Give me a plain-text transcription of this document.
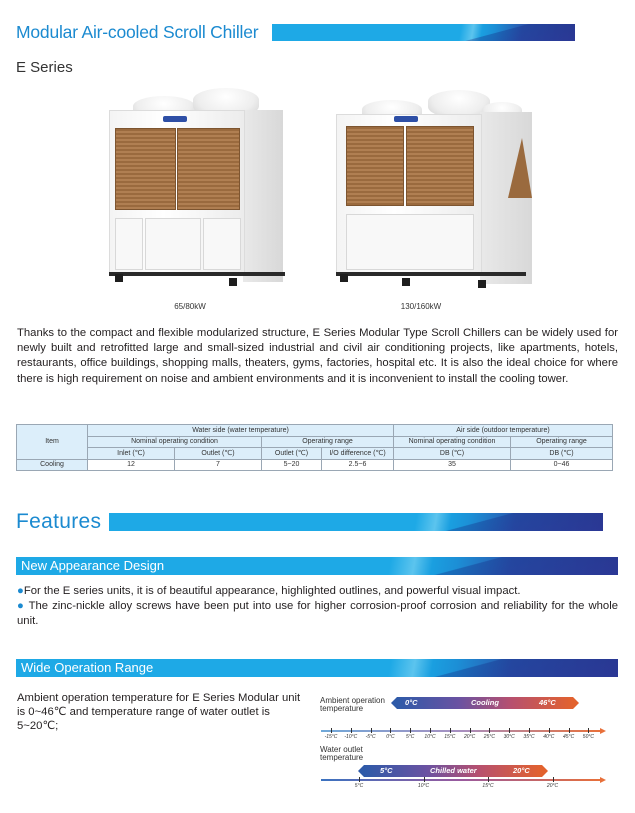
Modular Air-cooled Scroll Chiller
E Series
65/80kW	130/160kW

Thanks to the compact and flexible modularized structure, E Series Modular Type Scroll Chillers can be widely used for newly built and retrofitted large and small-sized industrial and civil air conditioning projects, like apartments, hotels, restaurants, office buildings, shopping malls, theaters, gyms, factories, hospital etc. It is also the ideal choice for where there is high requirement on noise and ambient environments and it is inconvenient to install the cooling tower.

Item	Water side (water temperature)				Air side (outdoor temperature)	
	Nominal operating condition		Operating range		Nominal operating condition	Operating range
	Inlet (℃)	Outlet (℃)	Outlet (℃)	I/O difference (℃)	DB (℃)	DB (℃)
Cooling	12	7	5~20	2.5~6	35	0~46
Features
New Appearance Design
●For the E series units, it is of beautiful appearance, highlighted outlines, and powerful visual impact.
● The zinc-nickle alloy screws have been put into use for higher corrosion-proof corrosion and reliability for the whole unit.
Wide Operation Range

Ambient operation temperature for E Series Modular unit is 0~46℃ and temperature range of water outlet is 5~20℃;

Ambient operation
temperature
0°C	Cooling	46°C
-15°C -10°C -5°C 0°C 5°C 10°C 15°C 20°C 25°C 30°C 35°C 40°C 45°C 50°C
Water outlet
temperature
5°C	Chilled water	20°C
5°C	10°C	15°C	20°C
